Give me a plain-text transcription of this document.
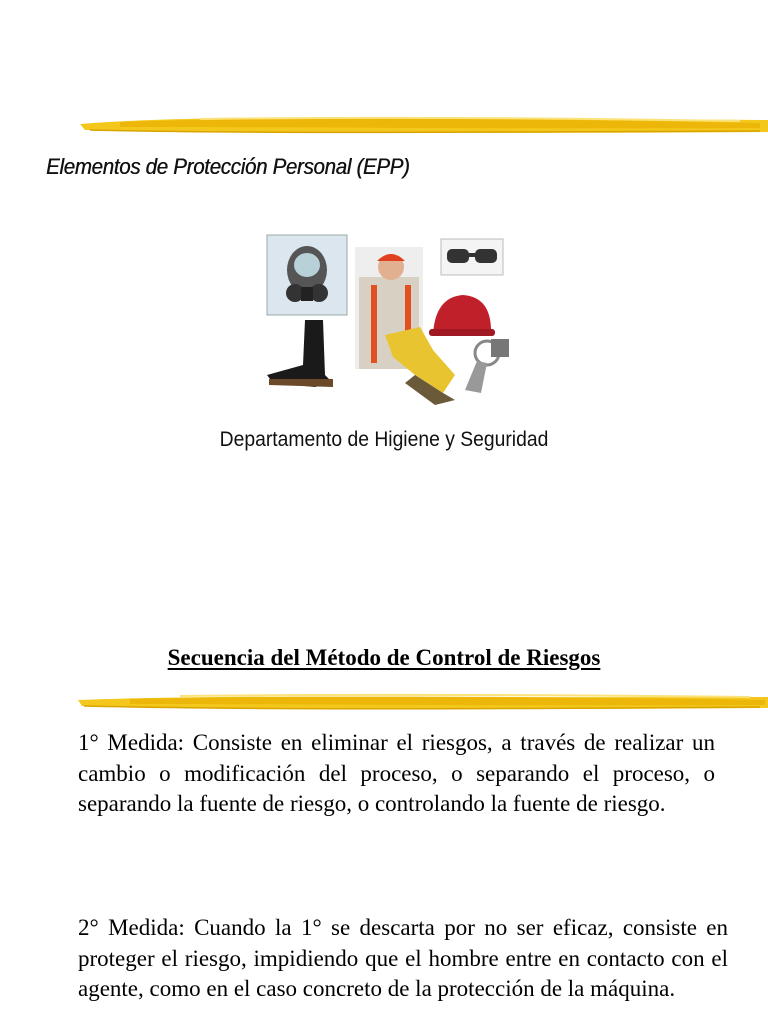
Elementos de Protección Personal (EPP)
Departamento de Higiene y Seguridad
Secuencia del Método de Control de Riesgos

1° Medida: Consiste en eliminar el riesgos, a través de realizar un cambio o modificación del proceso, o separando el proceso, o separando la fuente de riesgo, o controlando la fuente de riesgo.

2° Medida: Cuando la 1° se descarta por no ser eficaz, consiste en proteger el riesgo, impidiendo que el hombre entre en contacto con el agente, como en el caso concreto de la protección de la máquina.
